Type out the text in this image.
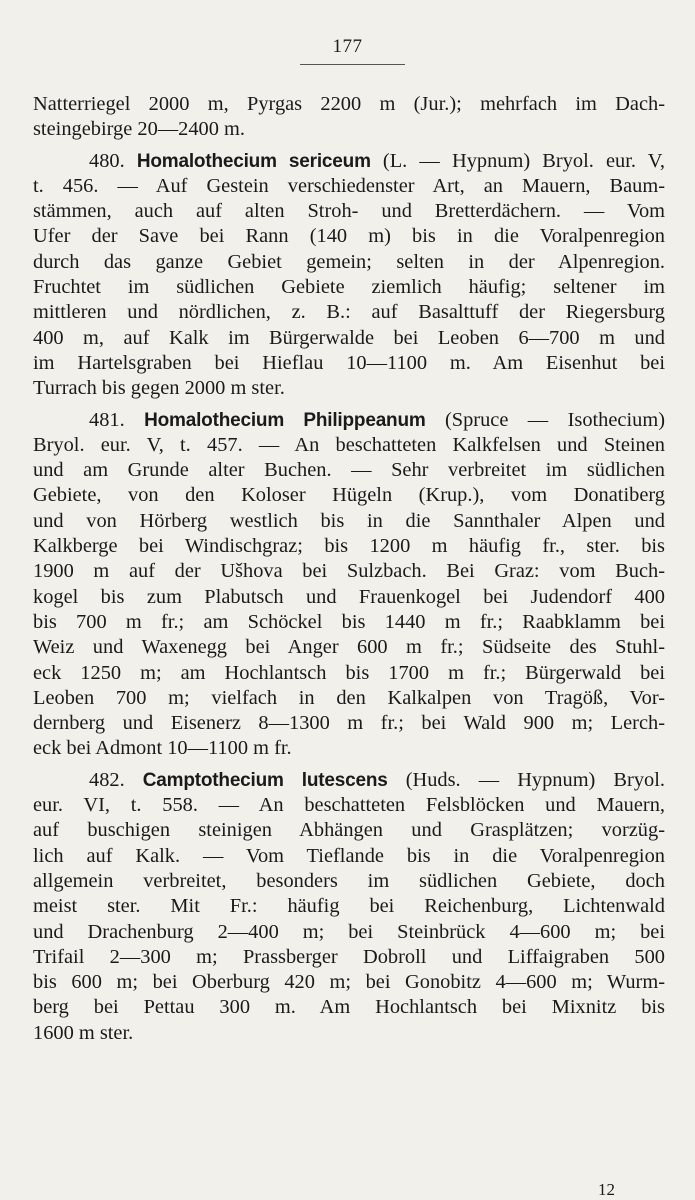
177
Natterriegel 2000 m, Pyrgas 2200 m (Jur.); mehrfach im Dach-
steingebirge 20—2400 m.
480. Homalothecium sericeum (L. — Hypnum) Bryol. eur. V,
t. 456. — Auf Gestein verschiedenster Art, an Mauern, Baum-
stämmen, auch auf alten Stroh- und Bretterdächern. — Vom
Ufer der Save bei Rann (140 m) bis in die Voralpenregion
durch das ganze Gebiet gemein; selten in der Alpenregion.
Fruchtet im südlichen Gebiete ziemlich häufig; seltener im
mittleren und nördlichen, z. B.: auf Basalttuff der Riegersburg
400 m, auf Kalk im Bürgerwalde bei Leoben 6—700 m und
im Hartelsgraben bei Hieflau 10—1100 m. Am Eisenhut bei
Turrach bis gegen 2000 m ster.
481. Homalothecium Philippeanum (Spruce — Isothecium)
Bryol. eur. V, t. 457. — An beschatteten Kalkfelsen und Steinen
und am Grunde alter Buchen. — Sehr verbreitet im südlichen
Gebiete, von den Koloser Hügeln (Krup.), vom Donatiberg
und von Hörberg westlich bis in die Sannthaler Alpen und
Kalkberge bei Windischgraz; bis 1200 m häufig fr., ster. bis
1900 m auf der Ušhova bei Sulzbach. Bei Graz: vom Buch-
kogel bis zum Plabutsch und Frauenkogel bei Judendorf 400
bis 700 m fr.; am Schöckel bis 1440 m fr.; Raabklamm bei
Weiz und Waxenegg bei Anger 600 m fr.; Südseite des Stuhl-
eck 1250 m; am Hochlantsch bis 1700 m fr.; Bürgerwald bei
Leoben 700 m; vielfach in den Kalkalpen von Tragöß, Vor-
dernberg und Eisenerz 8—1300 m fr.; bei Wald 900 m; Lerch-
eck bei Admont 10—1100 m fr.
482. Camptothecium lutescens (Huds. — Hypnum) Bryol.
eur. VI, t. 558. — An beschatteten Felsblöcken und Mauern,
auf buschigen steinigen Abhängen und Grasplätzen; vorzüg-
lich auf Kalk. — Vom Tieflande bis in die Voralpenregion
allgemein verbreitet, besonders im südlichen Gebiete, doch
meist ster. Mit Fr.: häufig bei Reichenburg, Lichtenwald
und Drachenburg 2—400 m; bei Steinbrück 4—600 m; bei
Trifail 2—300 m; Prassberger Dobroll und Liffaigraben 500
bis 600 m; bei Oberburg 420 m; bei Gonobitz 4—600 m; Wurm-
berg bei Pettau 300 m. Am Hochlantsch bei Mixnitz bis
1600 m ster.
12
